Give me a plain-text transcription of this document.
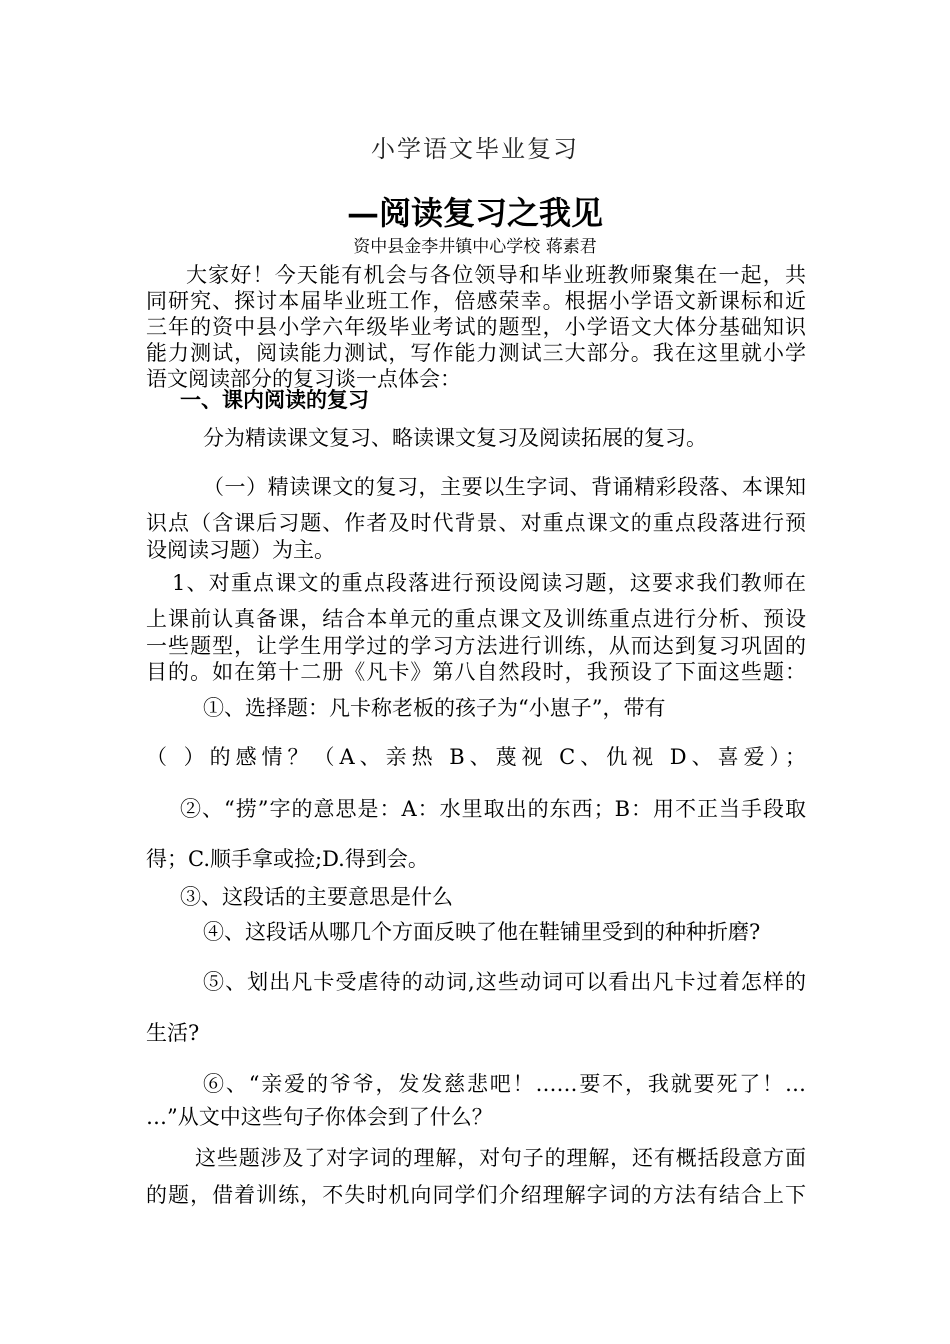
小学语文毕业复习
—阅读复习之我见
资中县金李井镇中心学校 蒋素君
大家好！今天能有机会与各位领导和毕业班教师聚集在一起，共
同研究、探讨本届毕业班工作，倍感荣幸。根据小学语文新课标和近
三年的资中县小学六年级毕业考试的题型，小学语文大体分基础知识
能力测试，阅读能力测试，写作能力测试三大部分。我在这里就小学
语文阅读部分的复习谈一点体会：
一、课内阅读的复习
分为精读课文复习、略读课文复习及阅读拓展的复习。
（一）精读课文的复习，主要以生字词、背诵精彩段落、本课知
识点（含课后习题、作者及时代背景、对重点课文的重点段落进行预
设阅读习题）为主。
1、对重点课文的重点段落进行预设阅读习题，这要求我们教师在
上课前认真备课，结合本单元的重点课文及训练重点进行分析、预设
一些题型，让学生用学过的学习方法进行训练，从而达到复习巩固的
目的。如在第十二册《凡卡》第八自然段时，我预设了下面这些题：
①、选择题：凡卡称老板的孩子为“小崽子”，带有
（ ）的感情？（A、亲热 B、蔑视 C、仇视 D、喜爱）；
②、“捞”字的意思是：A：水里取出的东西；B：用不正当手段取
得；C.顺手拿或捡;D.得到会。
③、这段话的主要意思是什么
④、这段话从哪几个方面反映了他在鞋铺里受到的种种折磨?
⑤、划出凡卡受虐待的动词,这些动词可以看出凡卡过着怎样的
生活?
⑥、“亲爱的爷爷，发发慈悲吧！……要不，我就要死了！…
…”从文中这些句子你体会到了什么？
这些题涉及了对字词的理解，对句子的理解，还有概括段意方面
的题，借着训练，不失时机向同学们介绍理解字词的方法有结合上下
